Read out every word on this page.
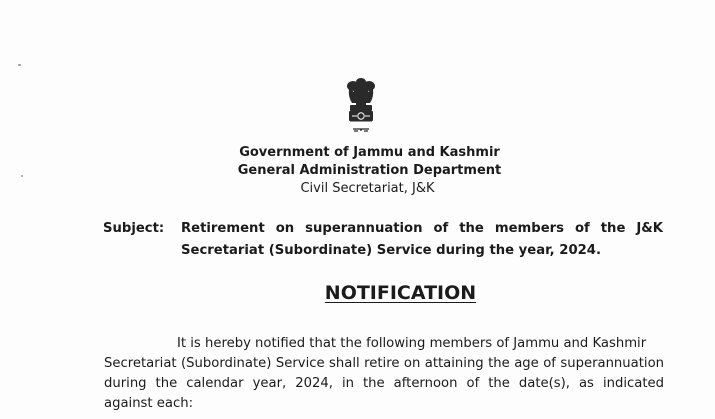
Government of Jammu and Kashmir
General Administration Department
Civil Secretariat, J&K
Subject: Retirement on superannuation of the members of the J&K
Secretariat (Subordinate) Service during the year, 2024.
NOTIFICATION
It is hereby notified that the following members of Jammu and Kashmir
Secretariat (Subordinate) Service shall retire on attaining the age of superannuation
during the calendar year, 2024, in the afternoon of the date(s), as indicated
against each:
